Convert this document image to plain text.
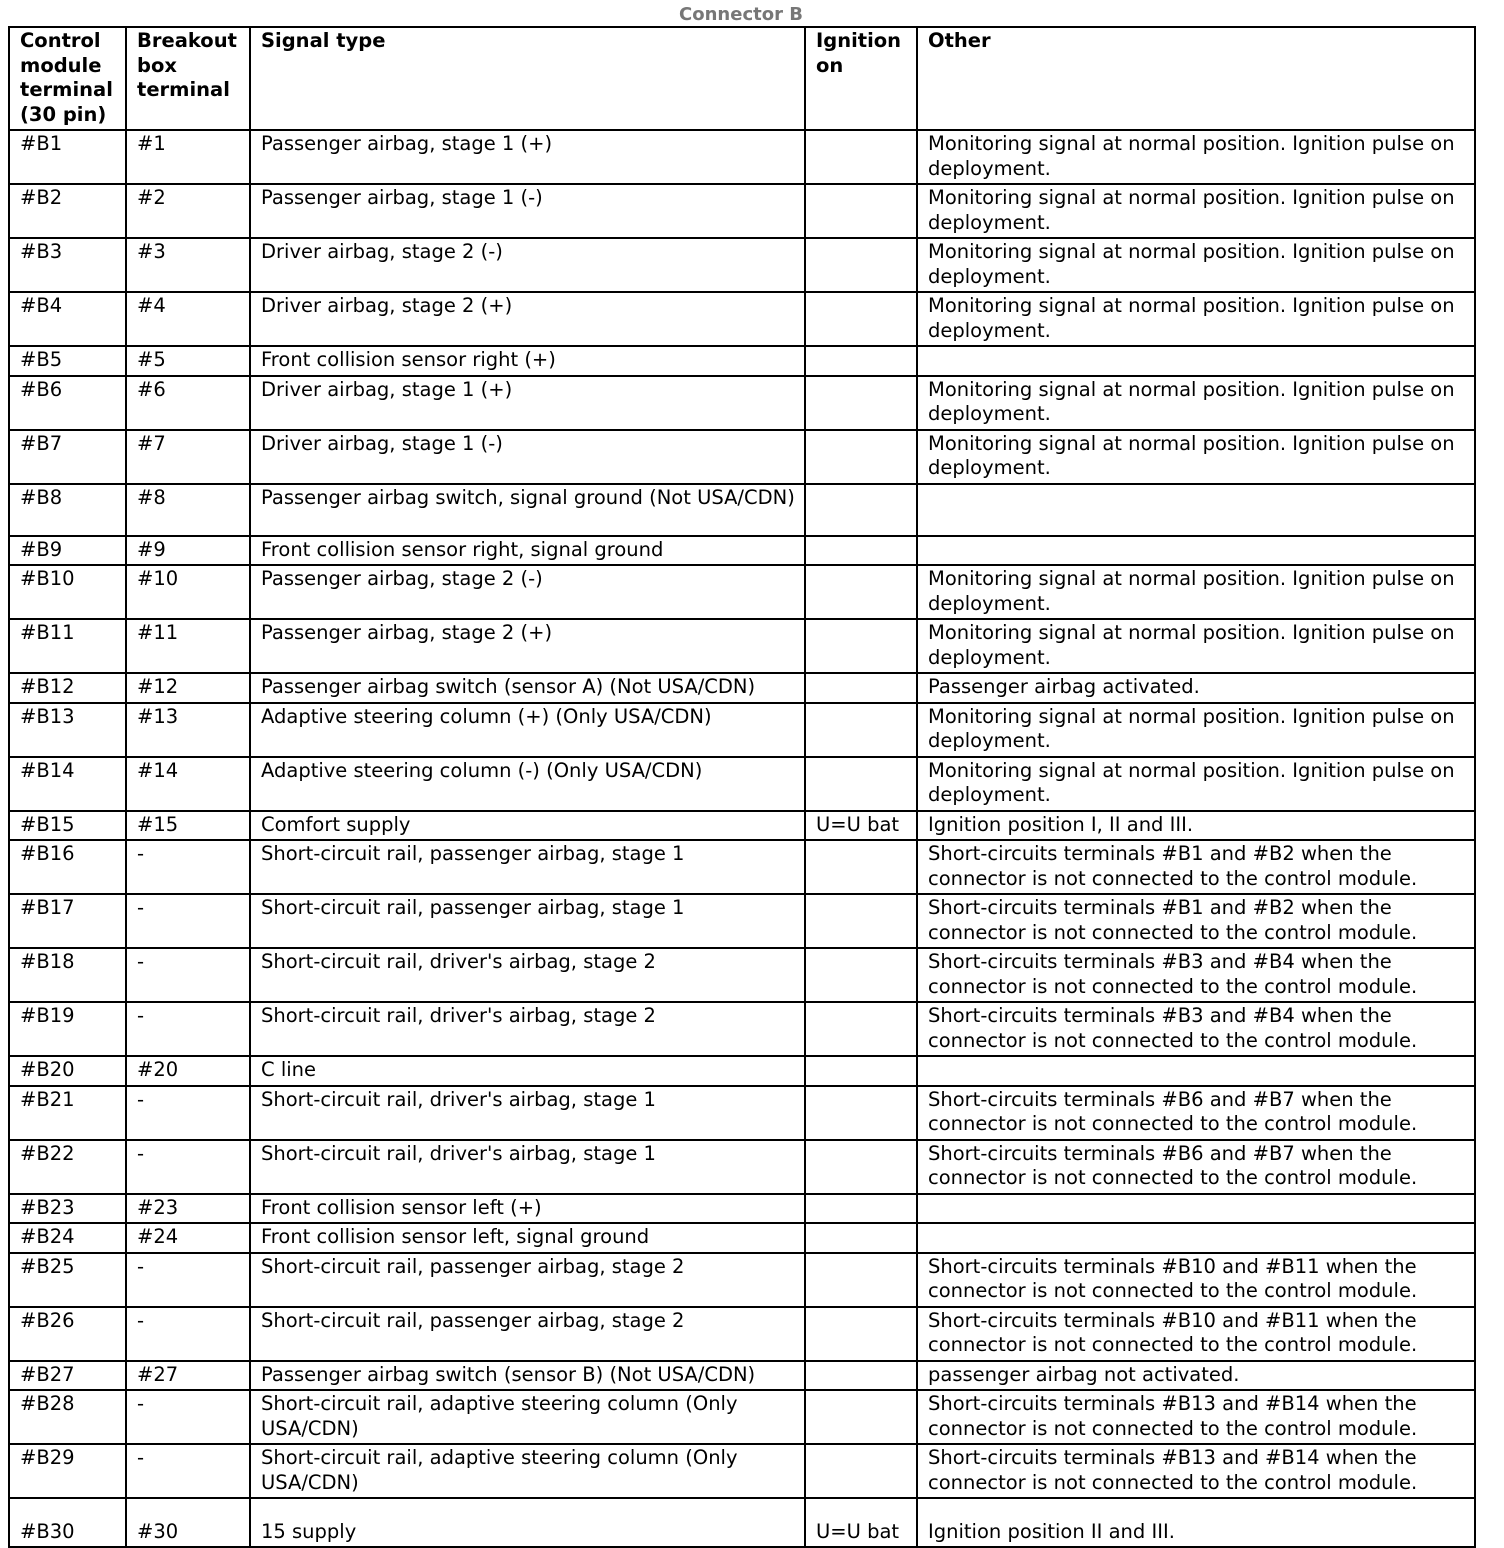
Connector B
Control module terminal (30 pin)	Breakout box terminal	Signal type	Ignition on	Other
#B1	#1	Passenger airbag, stage 1 (+)		Monitoring signal at normal position. Ignition pulse on deployment.
#B2	#2	Passenger airbag, stage 1 (-)		Monitoring signal at normal position. Ignition pulse on deployment.
#B3	#3	Driver airbag, stage 2 (-)		Monitoring signal at normal position. Ignition pulse on deployment.
#B4	#4	Driver airbag, stage 2 (+)		Monitoring signal at normal position. Ignition pulse on deployment.
#B5	#5	Front collision sensor right (+)		
#B6	#6	Driver airbag, stage 1 (+)		Monitoring signal at normal position. Ignition pulse on deployment.
#B7	#7	Driver airbag, stage 1 (-)		Monitoring signal at normal position. Ignition pulse on deployment.
#B8	#8	Passenger airbag switch, signal ground (Not USA/CDN)		
#B9	#9	Front collision sensor right, signal ground		
#B10	#10	Passenger airbag, stage 2 (-)		Monitoring signal at normal position. Ignition pulse on deployment.
#B11	#11	Passenger airbag, stage 2 (+)		Monitoring signal at normal position. Ignition pulse on deployment.
#B12	#12	Passenger airbag switch (sensor A) (Not USA/CDN)		Passenger airbag activated.
#B13	#13	Adaptive steering column (+) (Only USA/CDN)		Monitoring signal at normal position. Ignition pulse on deployment.
#B14	#14	Adaptive steering column (-) (Only USA/CDN)		Monitoring signal at normal position. Ignition pulse on deployment.
#B15	#15	Comfort supply	U=U bat	Ignition position I, II and III.
#B16	-	Short-circuit rail, passenger airbag, stage 1		Short-circuits terminals #B1 and #B2 when the connector is not connected to the control module.
#B17	-	Short-circuit rail, passenger airbag, stage 1		Short-circuits terminals #B1 and #B2 when the connector is not connected to the control module.
#B18	-	Short-circuit rail, driver's airbag, stage 2		Short-circuits terminals #B3 and #B4 when the connector is not connected to the control module.
#B19	-	Short-circuit rail, driver's airbag, stage 2		Short-circuits terminals #B3 and #B4 when the connector is not connected to the control module.
#B20	#20	C line		
#B21	-	Short-circuit rail, driver's airbag, stage 1		Short-circuits terminals #B6 and #B7 when the connector is not connected to the control module.
#B22	-	Short-circuit rail, driver's airbag, stage 1		Short-circuits terminals #B6 and #B7 when the connector is not connected to the control module.
#B23	#23	Front collision sensor left (+)		
#B24	#24	Front collision sensor left, signal ground		
#B25	-	Short-circuit rail, passenger airbag, stage 2		Short-circuits terminals #B10 and #B11 when the connector is not connected to the control module.
#B26	-	Short-circuit rail, passenger airbag, stage 2		Short-circuits terminals #B10 and #B11 when the connector is not connected to the control module.
#B27	#27	Passenger airbag switch (sensor B) (Not USA/CDN)		passenger airbag not activated.
#B28	-	Short-circuit rail, adaptive steering column (Only USA/CDN)		Short-circuits terminals #B13 and #B14 when the connector is not connected to the control module.
#B29	-	Short-circuit rail, adaptive steering column (Only USA/CDN)		Short-circuits terminals #B13 and #B14 when the connector is not connected to the control module.
#B30	#30	15 supply	U=U bat	Ignition position II and III.
